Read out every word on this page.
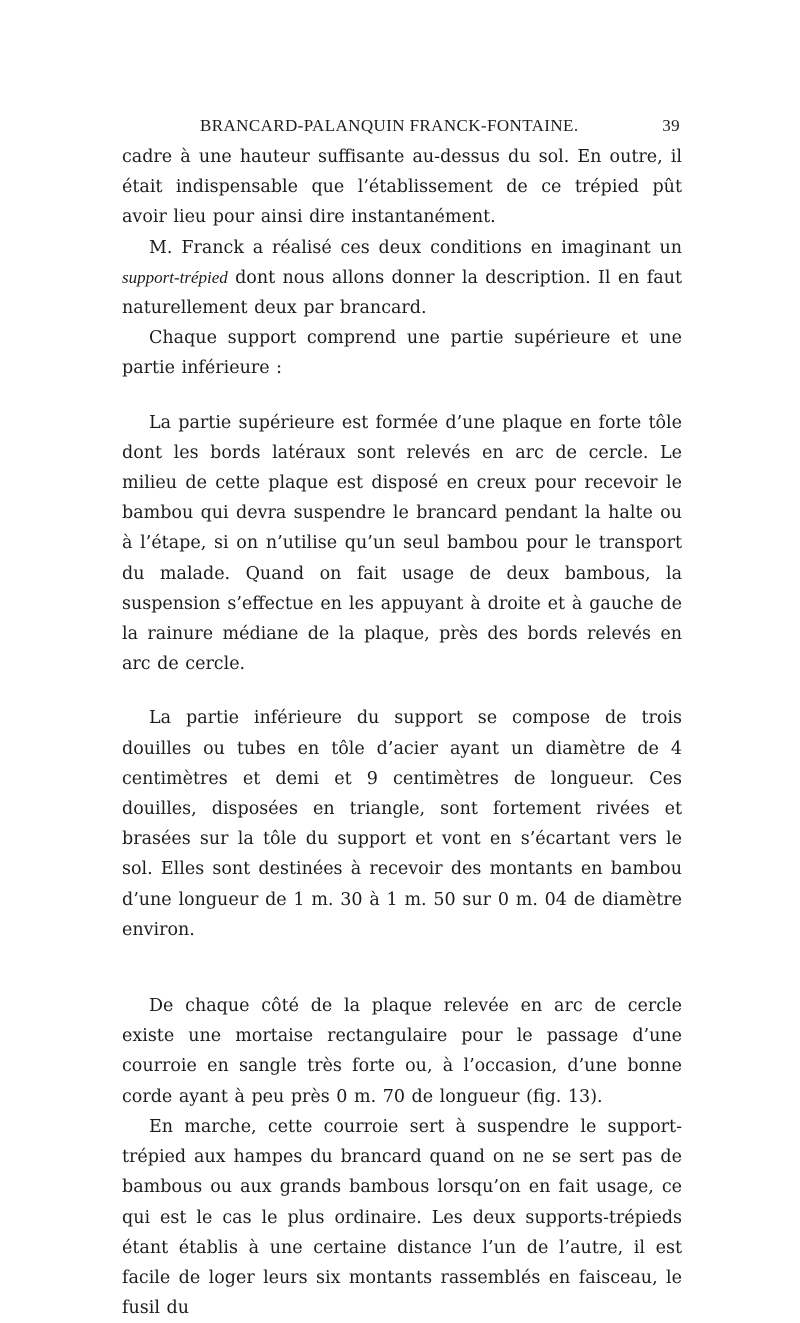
BRANCARD-PALANQUIN FRANCK-FONTAINE.	39

cadre à une hauteur suffisante au-dessus du sol. En outre, il était indispensable que l’établissement de ce trépied pût avoir lieu pour ainsi dire instantanément.

M. Franck a réalisé ces deux conditions en imaginant un support-trépied dont nous allons donner la description. Il en faut naturellement deux par brancard.

Chaque support comprend une partie supérieure et une partie inférieure :

La partie supérieure est formée d’une plaque en forte tôle dont les bords latéraux sont relevés en arc de cercle. Le milieu de cette plaque est disposé en creux pour recevoir le bambou qui devra suspendre le brancard pendant la halte ou à l’étape, si on n’utilise qu’un seul bambou pour le transport du malade. Quand on fait usage de deux bambous, la suspension s’effectue en les appuyant à droite et à gauche de la rainure médiane de la plaque, près des bords relevés en arc de cercle.

La partie inférieure du support se compose de trois douilles ou tubes en tôle d’acier ayant un diamètre de 4 centimètres et demi et 9 centimètres de longueur. Ces douilles, disposées en triangle, sont fortement rivées et brasées sur la tôle du support et vont en s’écartant vers le sol. Elles sont destinées à recevoir des montants en bambou d’une longueur de 1 m. 30 à 1 m. 50 sur 0 m. 04 de diamètre environ.

De chaque côté de la plaque relevée en arc de cercle existe une mortaise rectangulaire pour le passage d’une courroie en sangle très forte ou, à l’occasion, d’une bonne corde ayant à peu près 0 m. 70 de longueur (fig. 13).

En marche, cette courroie sert à suspendre le support-trépied aux hampes du brancard quand on ne se sert pas de bambous ou aux grands bambous lorsqu’on en fait usage, ce qui est le cas le plus ordinaire. Les deux supports-trépieds étant établis à une certaine distance l’un de l’autre, il est facile de loger leurs six montants rassemblés en faisceau, le fusil du
